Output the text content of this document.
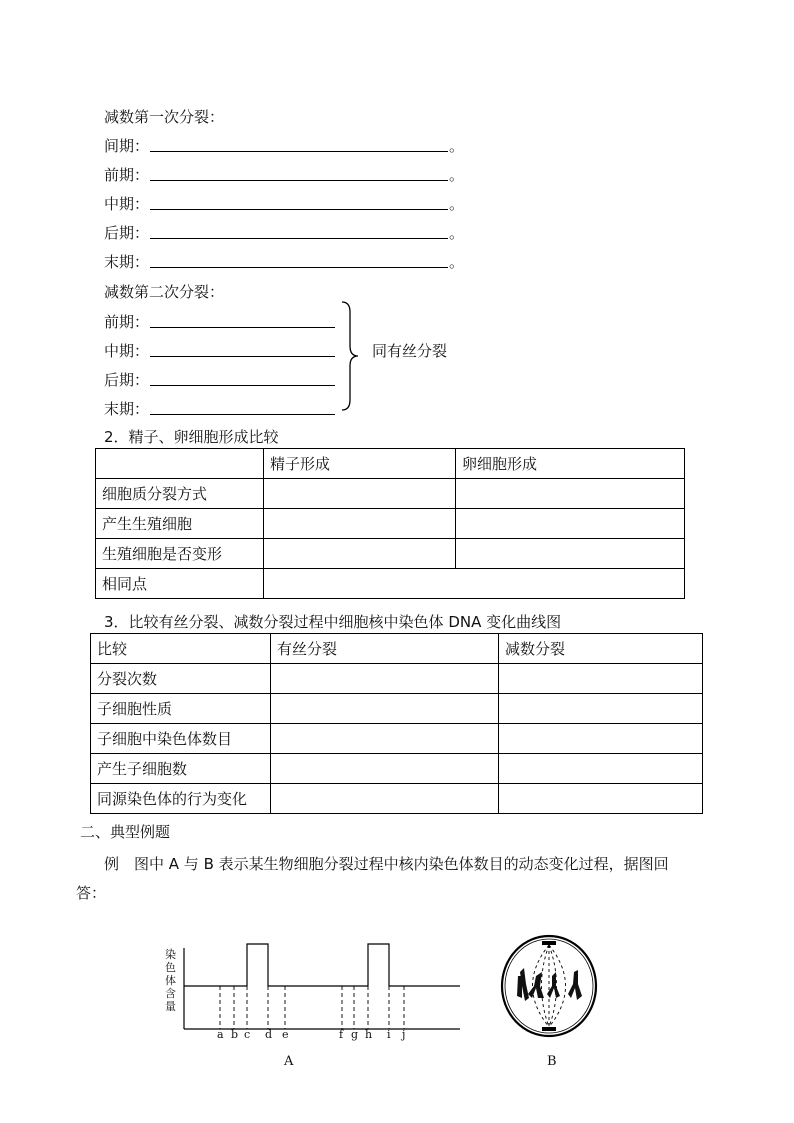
减数第一次分裂：
间期：	。
前期：	。
中期：	。
后期：	。
末期：	。
减数第二次分裂：
前期：
中期：
后期：
末期：
同有丝分裂
2．精子、卵细胞形成比较
	精子形成	卵细胞形成
细胞质分裂方式		
产生生殖细胞		
生殖细胞是否变形		
相同点		
3．比较有丝分裂、减数分裂过程中细胞核中染色体 DNA 变化曲线图
比较	有丝分裂	减数分裂
分裂次数		
子细胞性质		
子细胞中染色体数目		
产生子细胞数		
同源染色体的行为变化		
二、典型例题
例　图中 A 与 B 表示某生物细胞分裂过程中核内染色体数目的动态变化过程，据图回
答：
染色体含量
a b c d e	f g h i j
A	B
